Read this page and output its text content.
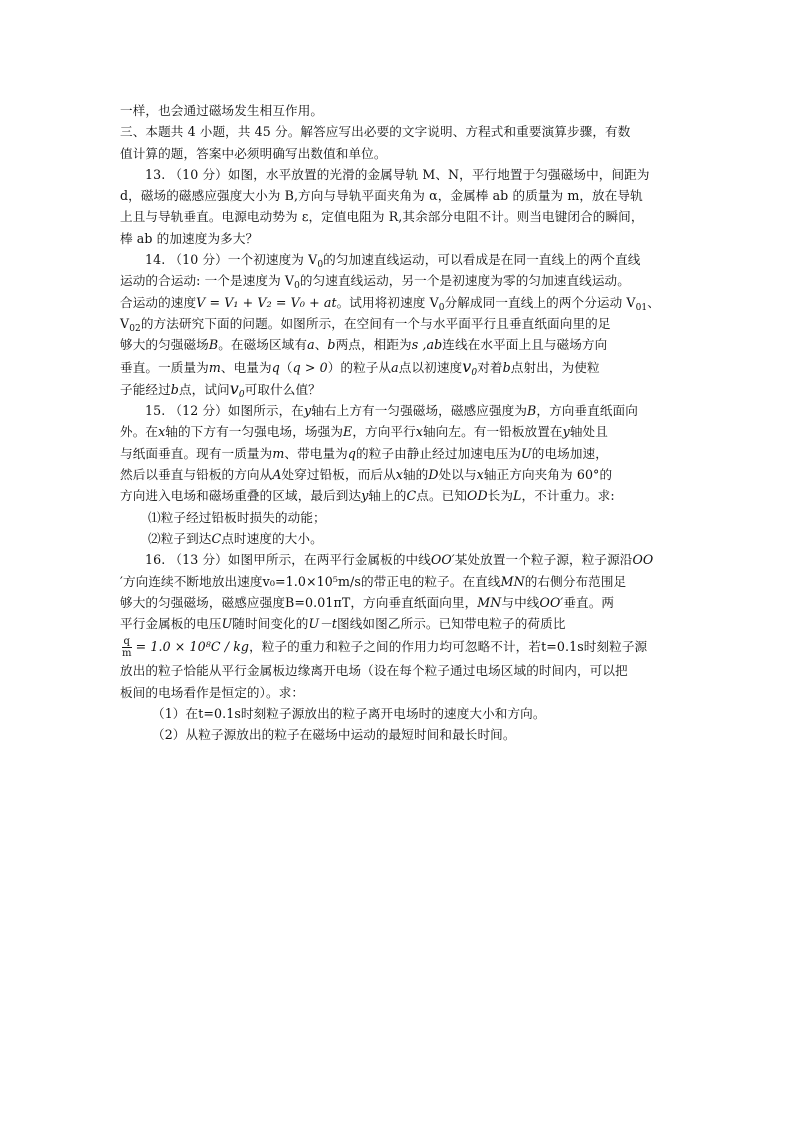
一样，也会通过磁场发生相互作用。

三、本题共 4 小题，共 45 分。解答应写出必要的文字说明、方程式和重要演算步骤，有数

值计算的题，答案中必须明确写出数值和单位。

13. （10 分）如图，水平放置的光滑的金属导轨 M、N，平行地置于匀强磁场中，间距为

d，磁场的磁感应强度大小为 B,方向与导轨平面夹角为 α，金属棒 ab 的质量为 m，放在导轨

上且与导轨垂直。电源电动势为 ε，定值电阻为 R,其余部分电阻不计。则当电键闭合的瞬间，

棒 ab 的加速度为多大？

14. （10 分）一个初速度为 $V_0$的匀加速直线运动，可以看成是在同一直线上的两个直线

运动的合运动: 一个是速度为 $V_0$的匀速直线运动，另一个是初速度为零的匀加速直线运动。

合运动的速度V = V₁ + V₂ = V₀ + at。试用将初速度 $V_0$分解成同一直线上的两个分运动 $V_{01}$、

$V_{02}$的方法研究下面的问题。如图所示，在空间有一个与水平面平行且垂直纸面向里的足

够大的匀强磁场B。在磁场区域有a、b两点，相距为s ,ab连线在水平面上且与磁场方向

垂直。一质量为m、电量为q（q > 0）的粒子从a点以初速度$v_0$对着b点射出，为使粒

子能经过b点，试问$v_0$可取什么值？

15. （12 分）如图所示，在y轴右上方有一匀强磁场，磁感应强度为B，方向垂直纸面向

外。在x轴的下方有一匀强电场，场强为E，方向平行x轴向左。有一铅板放置在y轴处且

与纸面垂直。现有一质量为m、带电量为q的粒子由静止经过加速电压为U的电场加速，

然后以垂直与铅板的方向从A处穿过铅板，而后从x轴的D处以与x轴正方向夹角为 60°的

方向进入电场和磁场重叠的区域，最后到达y轴上的C点。已知OD长为L，不计重力。求:

⑴粒子经过铅板时损失的动能；

⑵粒子到达C点时速度的大小。

16. （13 分）如图甲所示，在两平行金属板的中线OO′某处放置一个粒子源，粒子源沿OO

′方向连续不断地放出速度v₀=1.0×10⁵m/s的带正电的粒子。在直线MN的右侧分布范围足

够大的匀强磁场，磁感应强度B=0.01πT，方向垂直纸面向里，MN与中线OO′垂直。两

平行金属板的电压U随时间变化的U－t图线如图乙所示。已知带电粒子的荷质比

$\frac{q}{m} = 1.0 \times 10^8C$ / kg，粒子的重力和粒子之间的作用力均可忽略不计，若t=0.1s时刻粒子源

放出的粒子恰能从平行金属板边缘离开电场（设在每个粒子通过电场区域的时间内，可以把

板间的电场看作是恒定的）。求：

（1）在t=0.1s时刻粒子源放出的粒子离开电场时的速度大小和方向。

（2）从粒子源放出的粒子在磁场中运动的最短时间和最长时间。
